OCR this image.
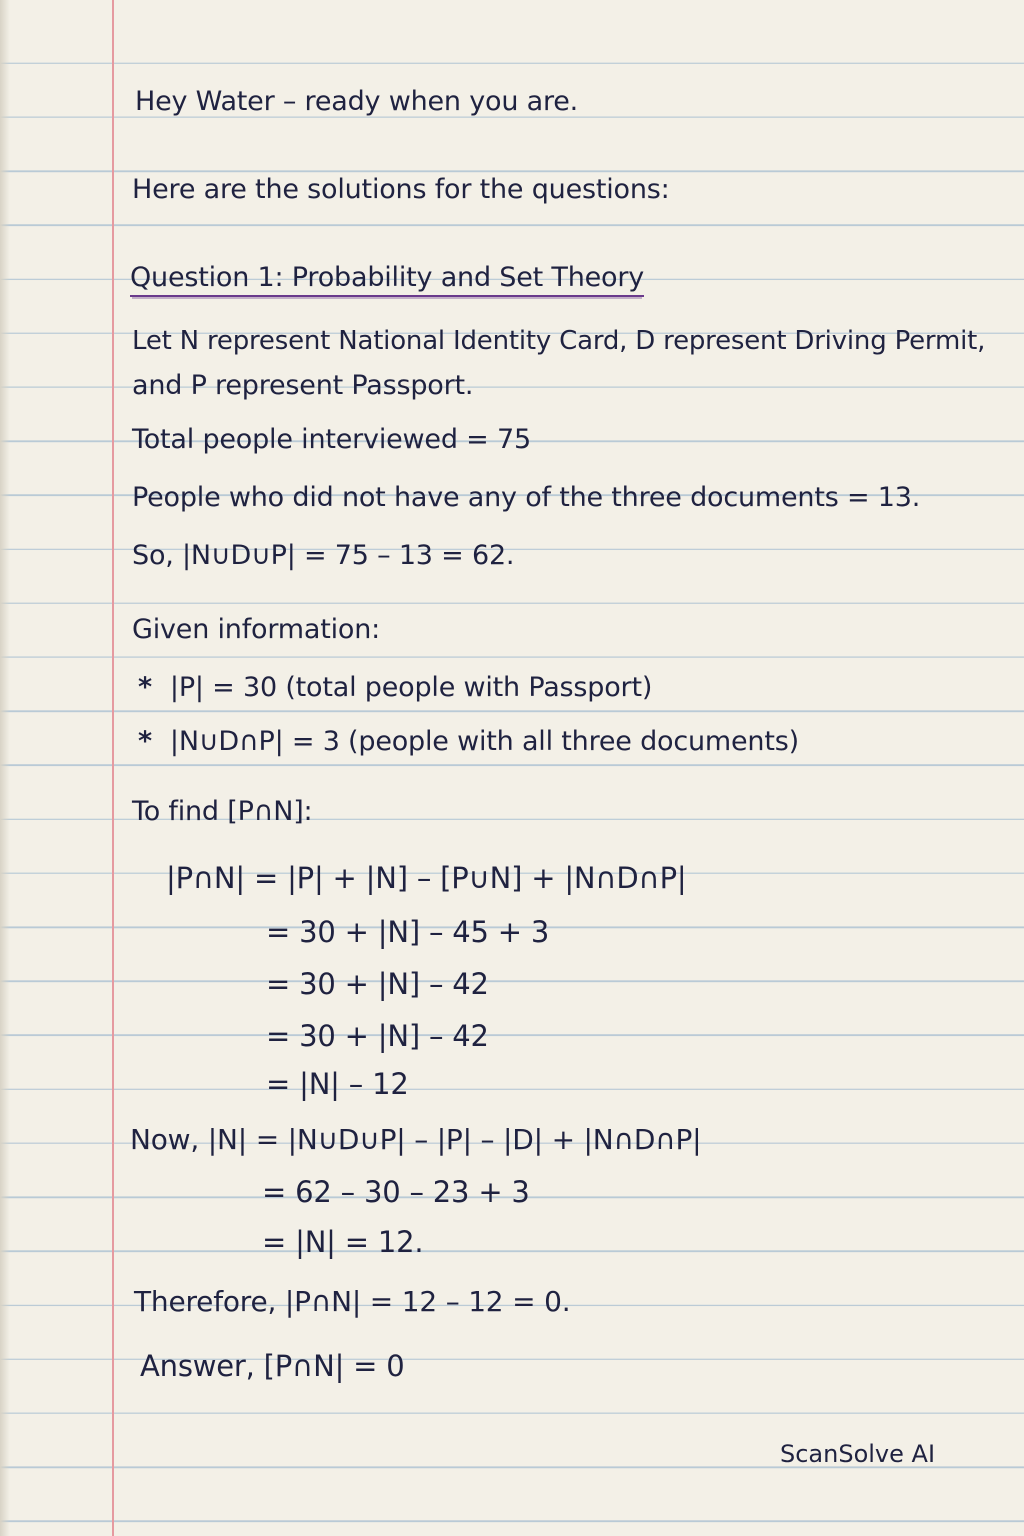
Hey Water – ready when you are.
Here are the solutions for the questions:
Question 1: Probability and Set Theory
Let N represent National Identity Card, D represent Driving Permit,
and P represent Passport.
Total people interviewed = 75
People who did not have any of the three documents = 13.
So, |N∪D∪P| = 75 – 13 = 62.
Given information:
* |P| = 30 (total people with Passport)
* |N∪D∩P| = 3 (people with all three documents)
To find [P∩N]:
|P∩N| = |P| + |N] – [P∪N] + |N∩D∩P|
= 30 + |N] – 45 + 3
= 30 + |N] – 42
= 30 + |N] – 42
= |N| – 12
Now, |N| = |N∪D∪P| – |P| – |D| + |N∩D∩P|
= 62 – 30 – 23 + 3
= |N| = 12.
Therefore, |P∩N| = 12 – 12 = 0.
Answer, [P∩N| = 0
ScanSolve AI
